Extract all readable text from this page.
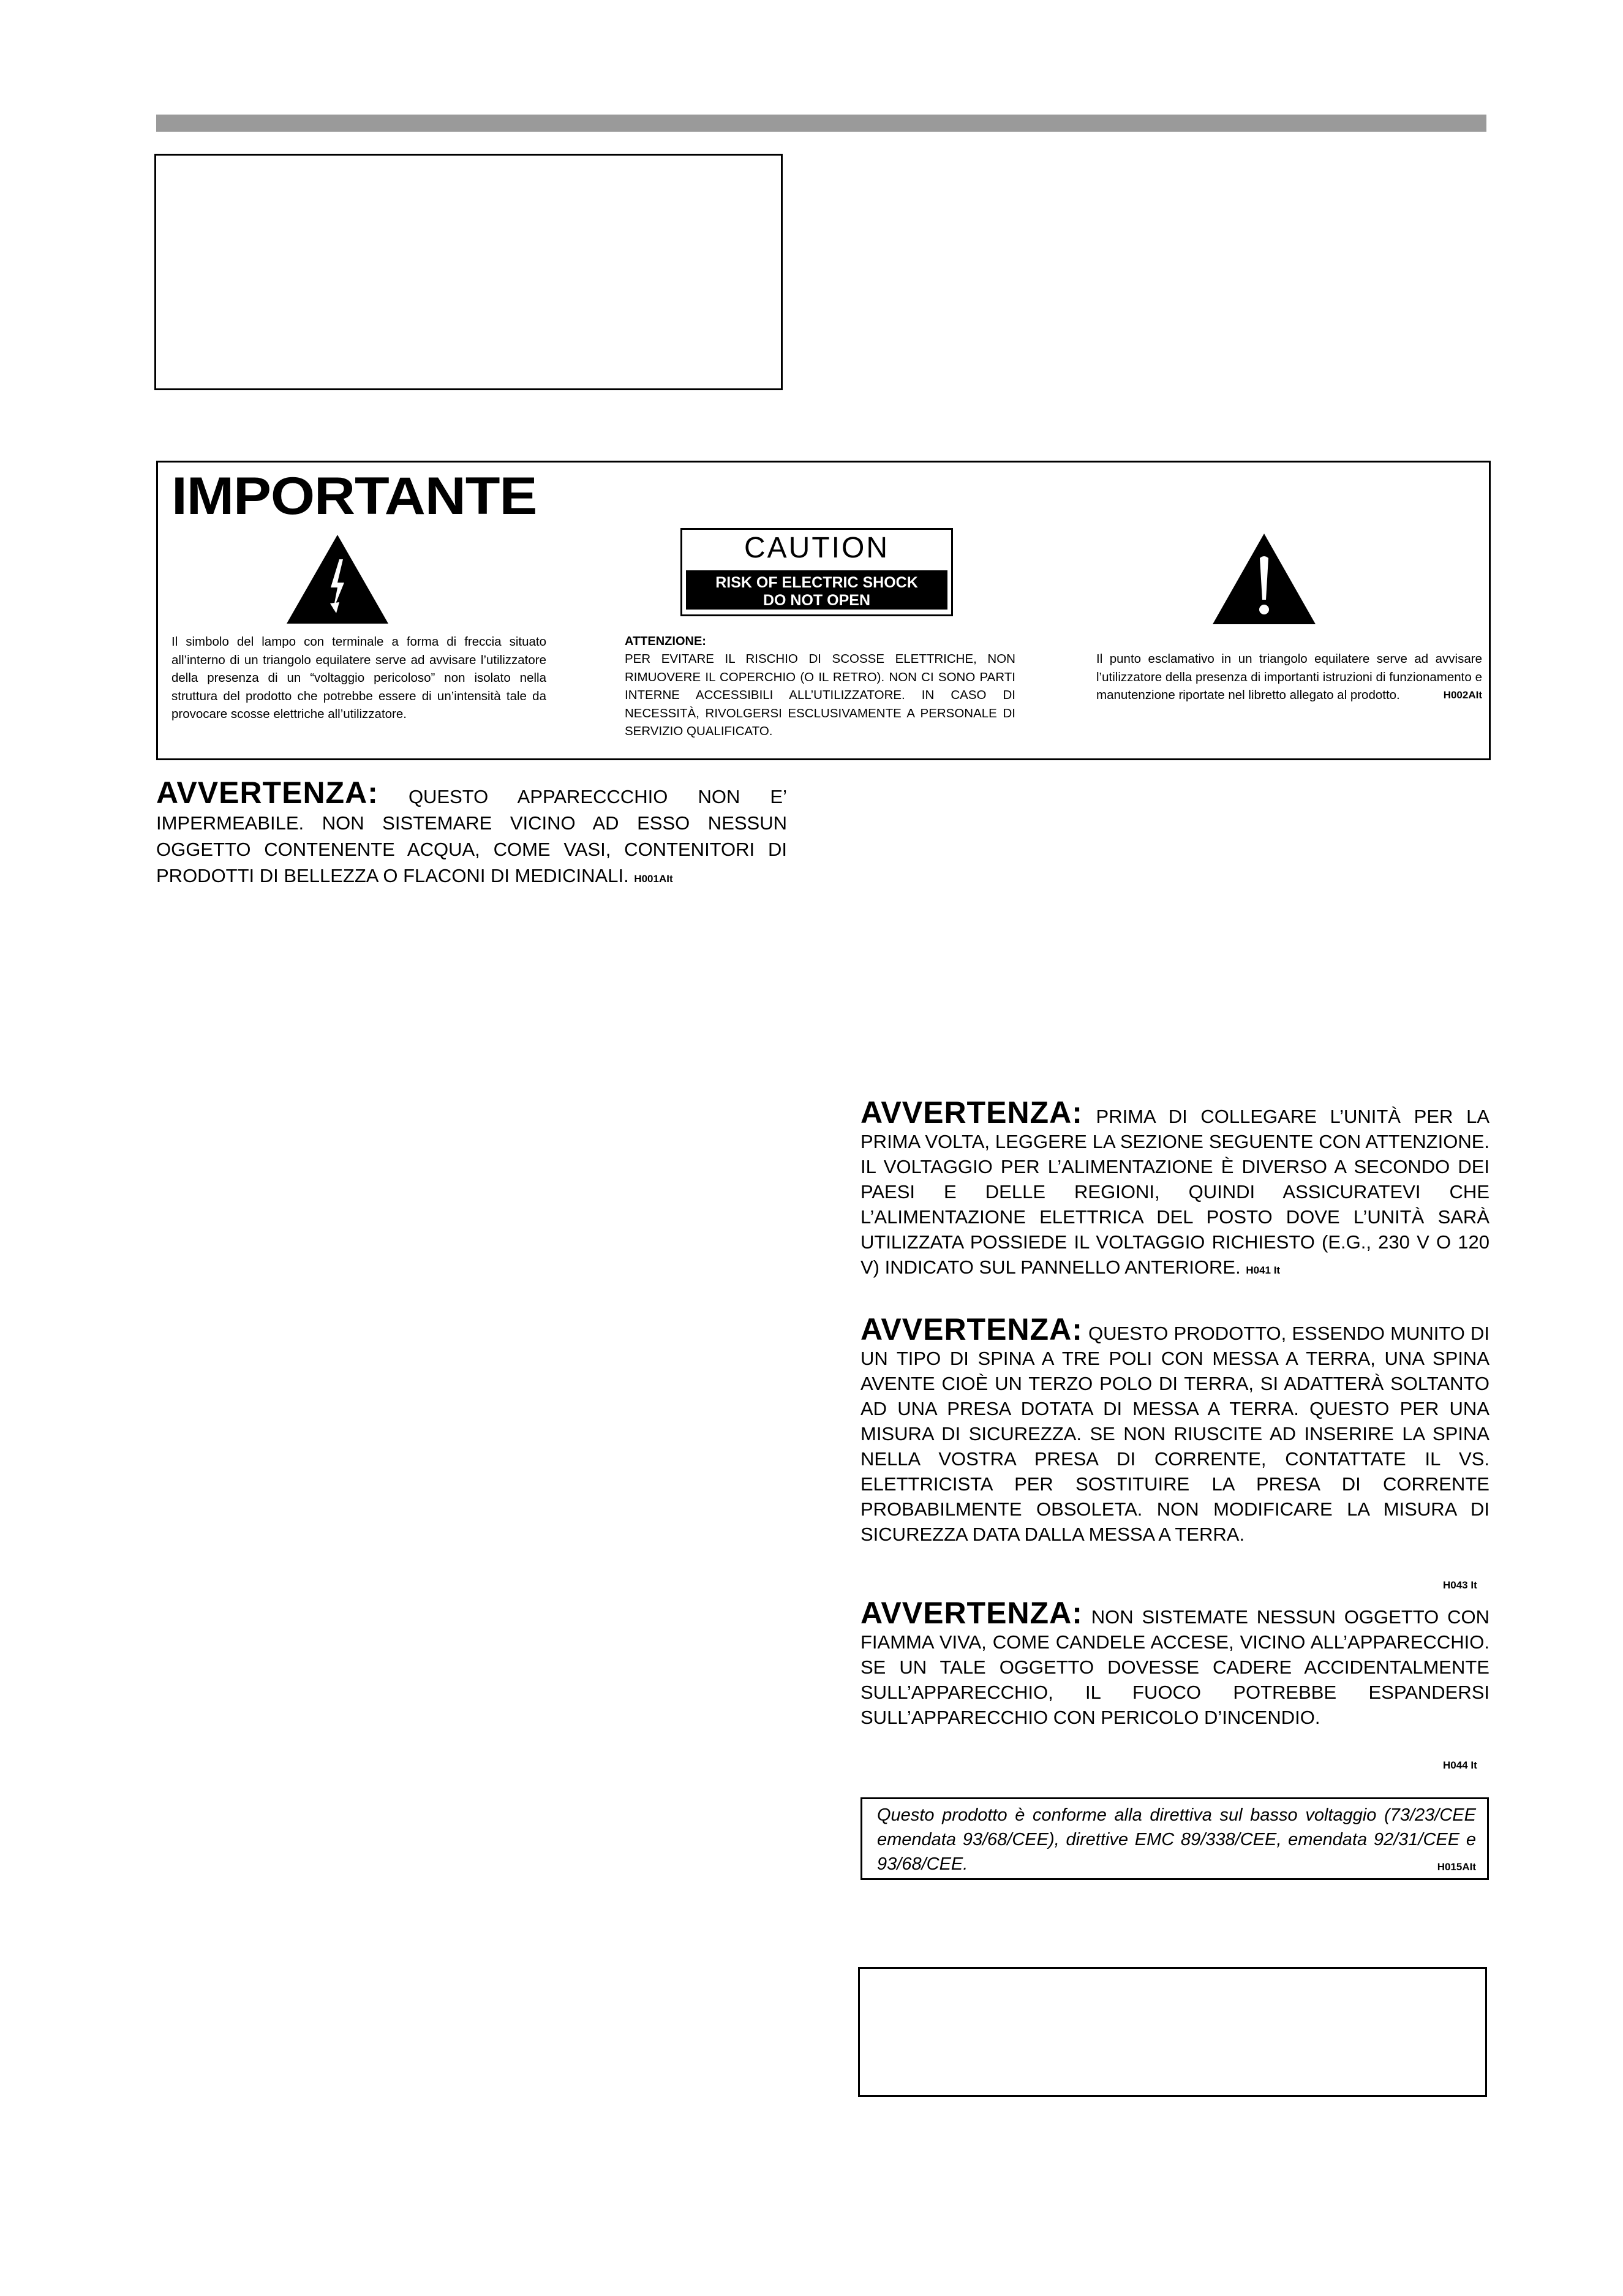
IMPORTANTE
CAUTION
RISK OF ELECTRIC SHOCK
DO NOT OPEN
Il simbolo del lampo con terminale a forma di freccia situato all’interno di un triangolo equilatere serve ad avvisare l’utilizzatore della presenza di un “voltaggio pericoloso” non isolato nella struttura del prodotto che potrebbe essere di un’intensità tale da provocare scosse elettriche all’utilizzatore.
ATTENZIONE:
PER EVITARE IL RISCHIO DI SCOSSE ELETTRICHE, NON RIMUOVERE IL COPERCHIO (O IL RETRO). NON CI SONO PARTI INTERNE ACCESSIBILI ALL’UTILIZZATORE. IN CASO DI NECESSITÀ, RIVOLGERSI ESCLUSIVAMENTE A PERSONALE DI SERVIZIO QUALIFICATO.
Il punto esclamativo in un triangolo equilatere serve ad avvisare l’utilizzatore della presenza di importanti istruzioni di funzionamento e manutenzione riportate nel libretto allegato al prodotto.	H002AIt
AVVERTENZA: QUESTO APPARECCCHIO NON E’ IMPERMEABILE. NON SISTEMARE VICINO AD ESSO NESSUN OGGETTO CONTENENTE ACQUA, COME VASI, CONTENITORI DI PRODOTTI DI BELLEZZA O FLACONI DI MEDICINALI. H001AIt
AVVERTENZA: PRIMA DI COLLEGARE L’UNITÀ PER LA PRIMA VOLTA, LEGGERE LA SEZIONE SEGUENTE CON ATTENZIONE. IL VOLTAGGIO PER L’ALIMENTAZIONE È DIVERSO A SECONDO DEI PAESI E DELLE REGIONI, QUINDI ASSICURATEVI CHE L’ALIMENTAZIONE ELETTRICA DEL POSTO DOVE L’UNITÀ SARÀ UTILIZZATA POSSIEDE IL VOLTAGGIO RICHIESTO (E.G., 230 V O 120 V) INDICATO SUL PANNELLO ANTERIORE. H041 It
AVVERTENZA: QUESTO PRODOTTO, ESSENDO MUNITO DI UN TIPO DI SPINA A TRE POLI CON MESSA A TERRA, UNA SPINA AVENTE CIOÈ UN TERZO POLO DI TERRA, SI ADATTERÀ SOLTANTO AD UNA PRESA DOTATA DI MESSA A TERRA. QUESTO PER UNA MISURA DI SICUREZZA. SE NON RIUSCITE AD INSERIRE LA SPINA NELLA VOSTRA PRESA DI CORRENTE, CONTATTATE IL VS. ELETTRICISTA PER SOSTITUIRE LA PRESA DI CORRENTE PROBABILMENTE OBSOLETA. NON MODIFICARE LA MISURA DI SICUREZZA DATA DALLA MESSA A TERRA.
H043 It
AVVERTENZA: NON SISTEMATE NESSUN OGGETTO CON FIAMMA VIVA, COME CANDELE ACCESE, VICINO ALL’APPARECCHIO. SE UN TALE OGGETTO DOVESSE CADERE ACCIDENTALMENTE SULL’APPARECCHIO, IL FUOCO POTREBBE ESPANDERSI SULL’APPARECCHIO CON PERICOLO D’INCENDIO.
H044 It
Questo prodotto è conforme alla direttiva sul basso voltaggio (73/23/CEE emendata 93/68/CEE), direttive EMC 89/338/CEE, emendata 92/31/CEE e 93/68/CEE.	H015AIt
